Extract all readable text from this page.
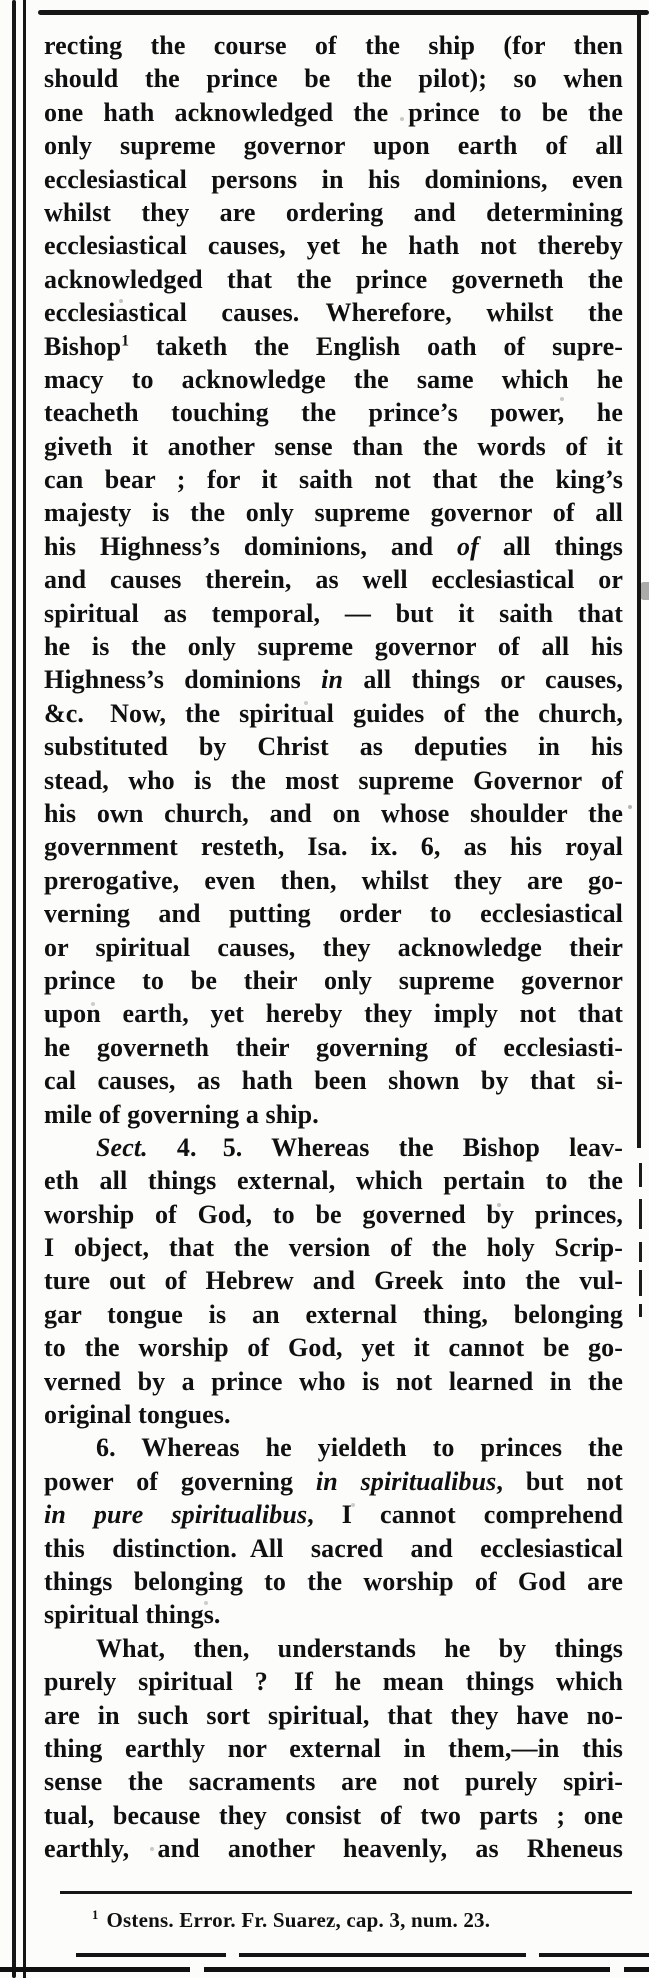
recting the course of the ship (for then
should the prince be the pilot); so when
one hath acknowledged the prince to be the
only supreme governor upon earth of all
ecclesiastical persons in his dominions, even
whilst they are ordering and determining
ecclesiastical causes, yet he hath not thereby
acknowledged that the prince governeth the
ecclesiastical causes. Wherefore, whilst the
Bishop$^1$ taketh the English oath of supre-
macy to acknowledge the same which he
teacheth touching the prince’s power, he
giveth it another sense than the words of it
can bear ; for it saith not that the king’s
majesty is the only supreme governor of all
his Highness’s dominions, and of all things
and causes therein, as well ecclesiastical or
spiritual as temporal, — but it saith that
he is the only supreme governor of all his
Highness’s dominions in all things or causes,
&c. Now, the spiritual guides of the church,
substituted by Christ as deputies in his
stead, who is the most supreme Governor of
his own church, and on whose shoulder the
government resteth, Isa. ix. 6, as his royal
prerogative, even then, whilst they are go-
verning and putting order to ecclesiastical
or spiritual causes, they acknowledge their
prince to be their only supreme governor
upon earth, yet hereby they imply not that
he governeth their governing of ecclesiasti-
cal causes, as hath been shown by that si-
mile of governing a ship.
Sect. 4. 5. Whereas the Bishop leav-
eth all things external, which pertain to the
worship of God, to be governed by princes,
I object, that the version of the holy Scrip-
ture out of Hebrew and Greek into the vul-
gar tongue is an external thing, belonging
to the worship of God, yet it cannot be go-
verned by a prince who is not learned in the
original tongues.
6. Whereas he yieldeth to princes the
power of governing in spiritualibus, but not
in pure spiritualibus, I cannot comprehend
this distinction. All sacred and ecclesiastical
things belonging to the worship of God are
spiritual things.
What, then, understands he by things
purely spiritual ? If he mean things which
are in such sort spiritual, that they have no-
thing earthly nor external in them,—in this
sense the sacraments are not purely spiri-
tual, because they consist of two parts ; one
earthly, and another heavenly, as Rheneus
$^1$ Ostens. Error. Fr. Suarez, cap. 3, num. 23.
